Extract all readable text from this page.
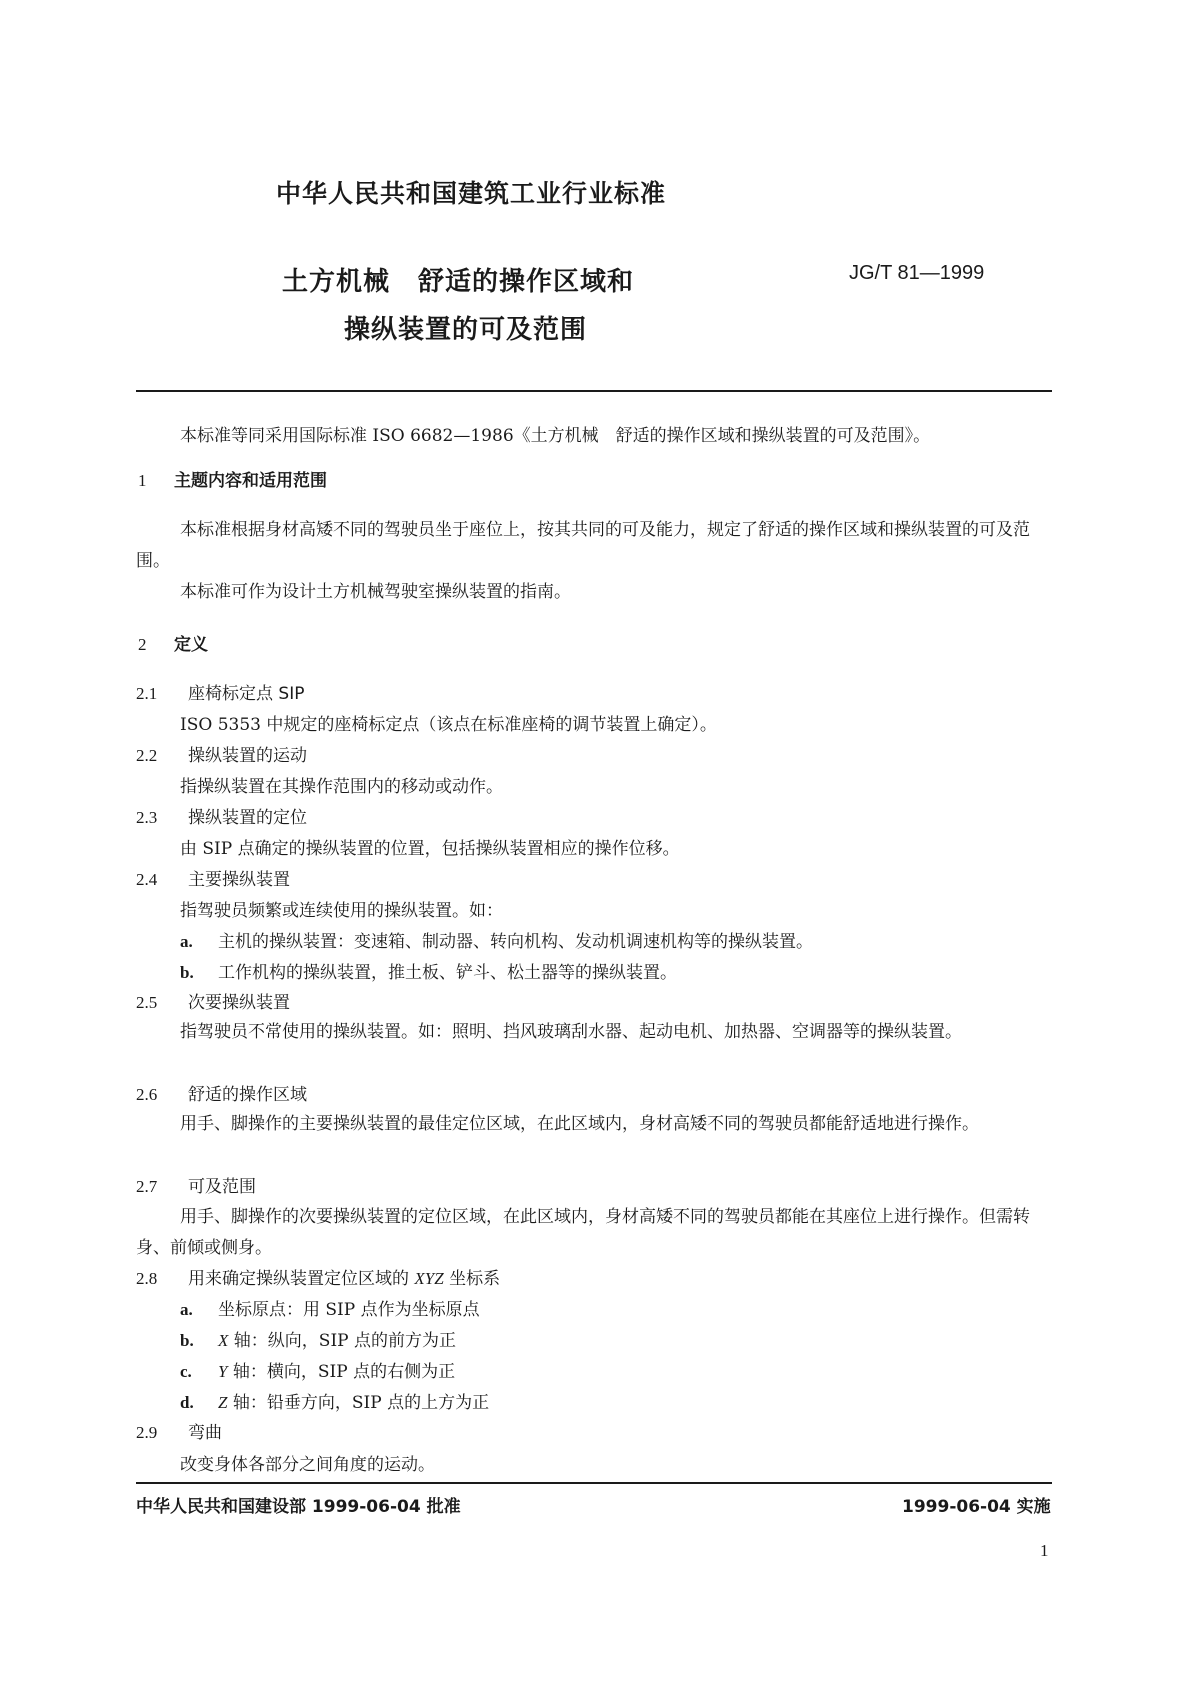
中华人民共和国建筑工业行业标准
土方机械 舒适的操作区域和
操纵装置的可及范围
JG/T 81—1999
本标准等同采用国际标准 ISO 6682—1986《土方机械　舒适的操作区域和操纵装置的可及范围》。
1 主题内容和适用范围
本标准根据身材高矮不同的驾驶员坐于座位上，按其共同的可及能力，规定了舒适的操作区域和操纵装置的可及范围。
本标准可作为设计土方机械驾驶室操纵装置的指南。
2 定义
2.1 座椅标定点 SIP
ISO 5353 中规定的座椅标定点（该点在标准座椅的调节装置上确定）。
2.2 操纵装置的运动
指操纵装置在其操作范围内的移动或动作。
2.3 操纵装置的定位
由 SIP 点确定的操纵装置的位置，包括操纵装置相应的操作位移。
2.4 主要操纵装置
指驾驶员频繁或连续使用的操纵装置。如：
a. 主机的操纵装置：变速箱、制动器、转向机构、发动机调速机构等的操纵装置。
b. 工作机构的操纵装置，推土板、铲斗、松土器等的操纵装置。
2.5 次要操纵装置
指驾驶员不常使用的操纵装置。如：照明、挡风玻璃刮水器、起动电机、加热器、空调器等的操纵装置。
2.6 舒适的操作区域
用手、脚操作的主要操纵装置的最佳定位区域，在此区域内，身材高矮不同的驾驶员都能舒适地进行操作。
2.7 可及范围
用手、脚操作的次要操纵装置的定位区域，在此区域内，身材高矮不同的驾驶员都能在其座位上进行操作。但需转身、前倾或侧身。
2.8 用来确定操纵装置定位区域的 XYZ 坐标系
a. 坐标原点：用 SIP 点作为坐标原点
b. X 轴：纵向，SIP 点的前方为正
c. Y 轴：横向，SIP 点的右侧为正
d. Z 轴：铅垂方向，SIP 点的上方为正
2.9 弯曲
改变身体各部分之间角度的运动。
中华人民共和国建设部 1999-06-04 批准	1999-06-04 实施
1
